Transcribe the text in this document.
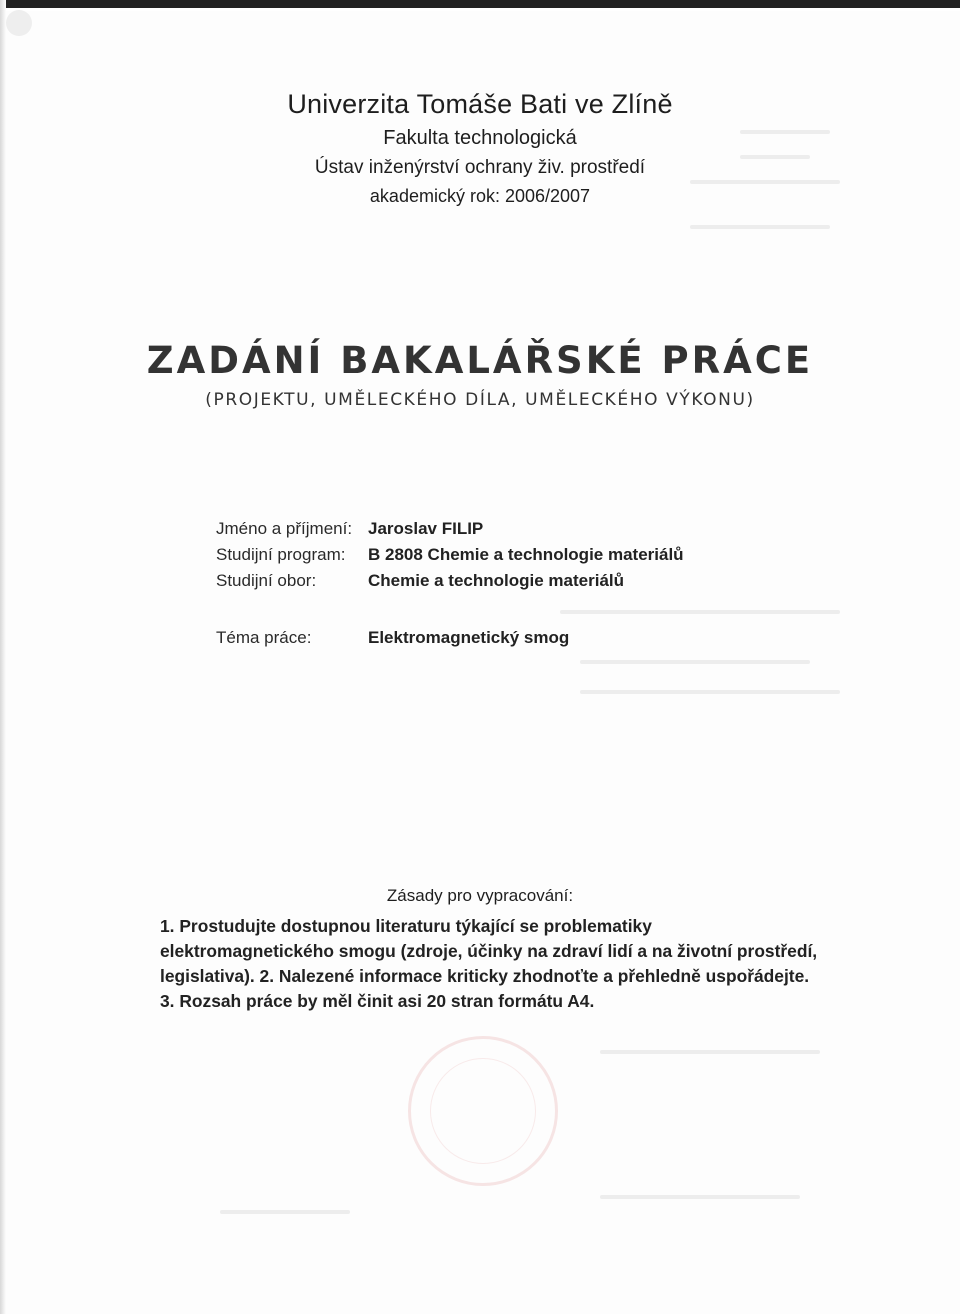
Univerzita Tomáše Bati ve Zlíně
Fakulta technologická
Ústav inženýrství ochrany živ. prostředí
akademický rok: 2006/2007
ZADÁNÍ BAKALÁŘSKÉ PRÁCE
(PROJEKTU, UMĚLECKÉHO DÍLA, UMĚLECKÉHO VÝKONU)
Jméno a příjmení: Jaroslav FILIP
Studijní program:	B 2808 Chemie a technologie materiálů
Studijní obor:	Chemie a technologie materiálů
Téma práce:	Elektromagnetický smog
Zásady pro vypracování:
1. Prostudujte dostupnou literaturu týkající se problematiky elektromagnetického smogu (zdroje, účinky na zdraví lidí a na životní prostředí, legislativa). 2. Nalezené informace kriticky zhodnoťte a přehledně uspořádejte. 3. Rozsah práce by měl činit asi 20 stran formátu A4.
